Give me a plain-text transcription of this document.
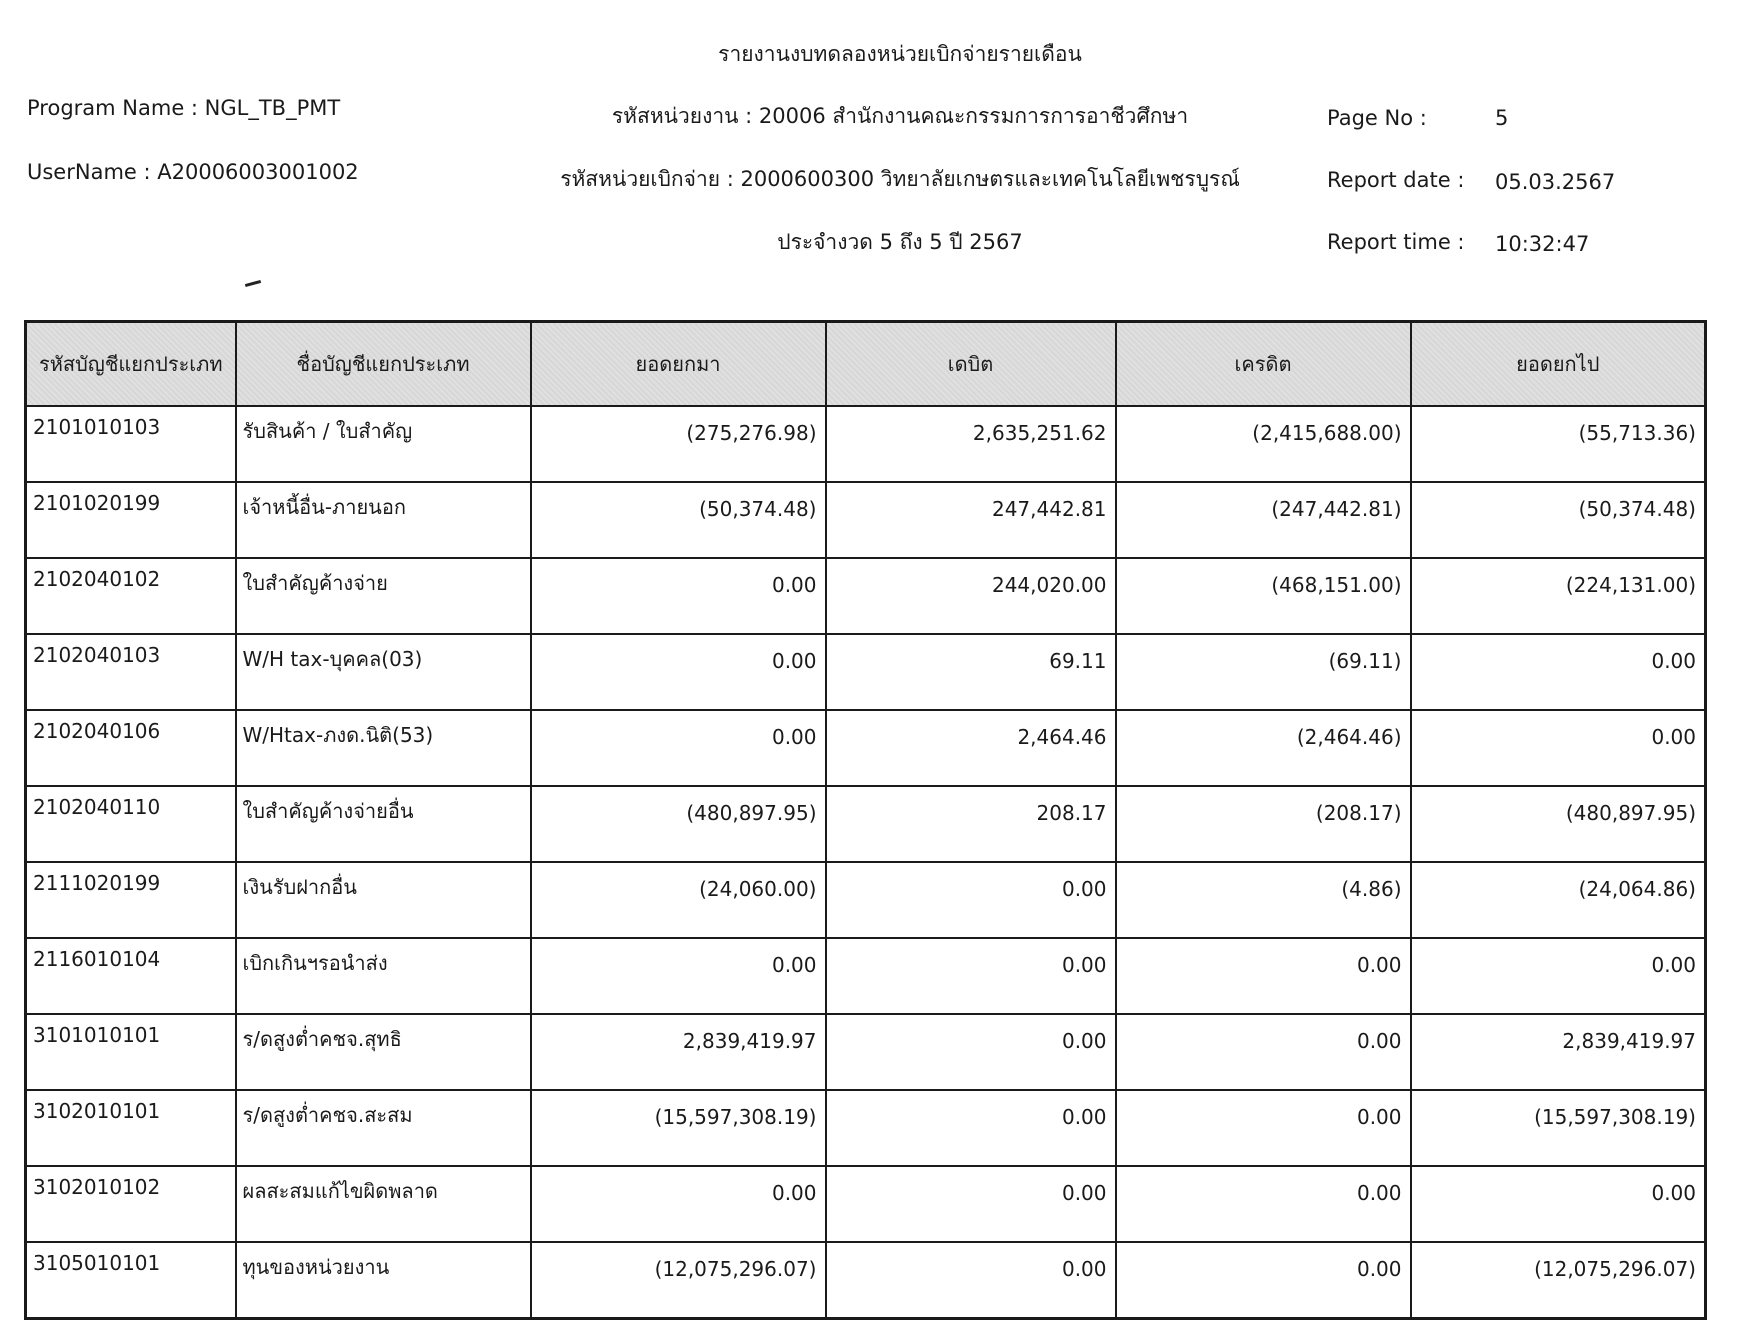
รายงานงบทดลองหน่วยเบิกจ่ายรายเดือน
Program Name : NGL_TB_PMT
UserName : A20006003001002
รหัสหน่วยงาน : 20006 สำนักงานคณะกรรมการการอาชีวศึกษา
รหัสหน่วยเบิกจ่าย : 2000600300 วิทยาลัยเกษตรและเทคโนโลยีเพชรบูรณ์
ประจำงวด 5 ถึง 5 ปี 2567
Page No :	5
Report date : 05.03.2567
Report time : 10:32:47
รหัสบัญชีแยกประเภท	ชื่อบัญชีแยกประเภท	ยอดยกมา	เดบิต	เครดิต	ยอดยกไป
2101010103	รับสินค้า / ใบสำคัญ	(275,276.98)	2,635,251.62	(2,415,688.00)	(55,713.36)
2101020199	เจ้าหนี้อื่น-ภายนอก	(50,374.48)	247,442.81	(247,442.81)	(50,374.48)
2102040102	ใบสำคัญค้างจ่าย	0.00	244,020.00	(468,151.00)	(224,131.00)
2102040103	W/H tax-บุคคล(03)	0.00	69.11	(69.11)	0.00
2102040106	W/Htax-ภงด.นิติ(53)	0.00	2,464.46	(2,464.46)	0.00
2102040110	ใบสำคัญค้างจ่ายอื่น	(480,897.95)	208.17	(208.17)	(480,897.95)
2111020199	เงินรับฝากอื่น	(24,060.00)	0.00	(4.86)	(24,064.86)
2116010104	เบิกเกินฯรอนำส่ง	0.00	0.00	0.00	0.00
3101010101	ร/ดสูงต่ำคชจ.สุทธิ	2,839,419.97	0.00	0.00	2,839,419.97
3102010101	ร/ดสูงต่ำคชจ.สะสม	(15,597,308.19)	0.00	0.00	(15,597,308.19)
3102010102	ผลสะสมแก้ไขผิดพลาด	0.00	0.00	0.00	0.00
3105010101	ทุนของหน่วยงาน	(12,075,296.07)	0.00	0.00	(12,075,296.07)
